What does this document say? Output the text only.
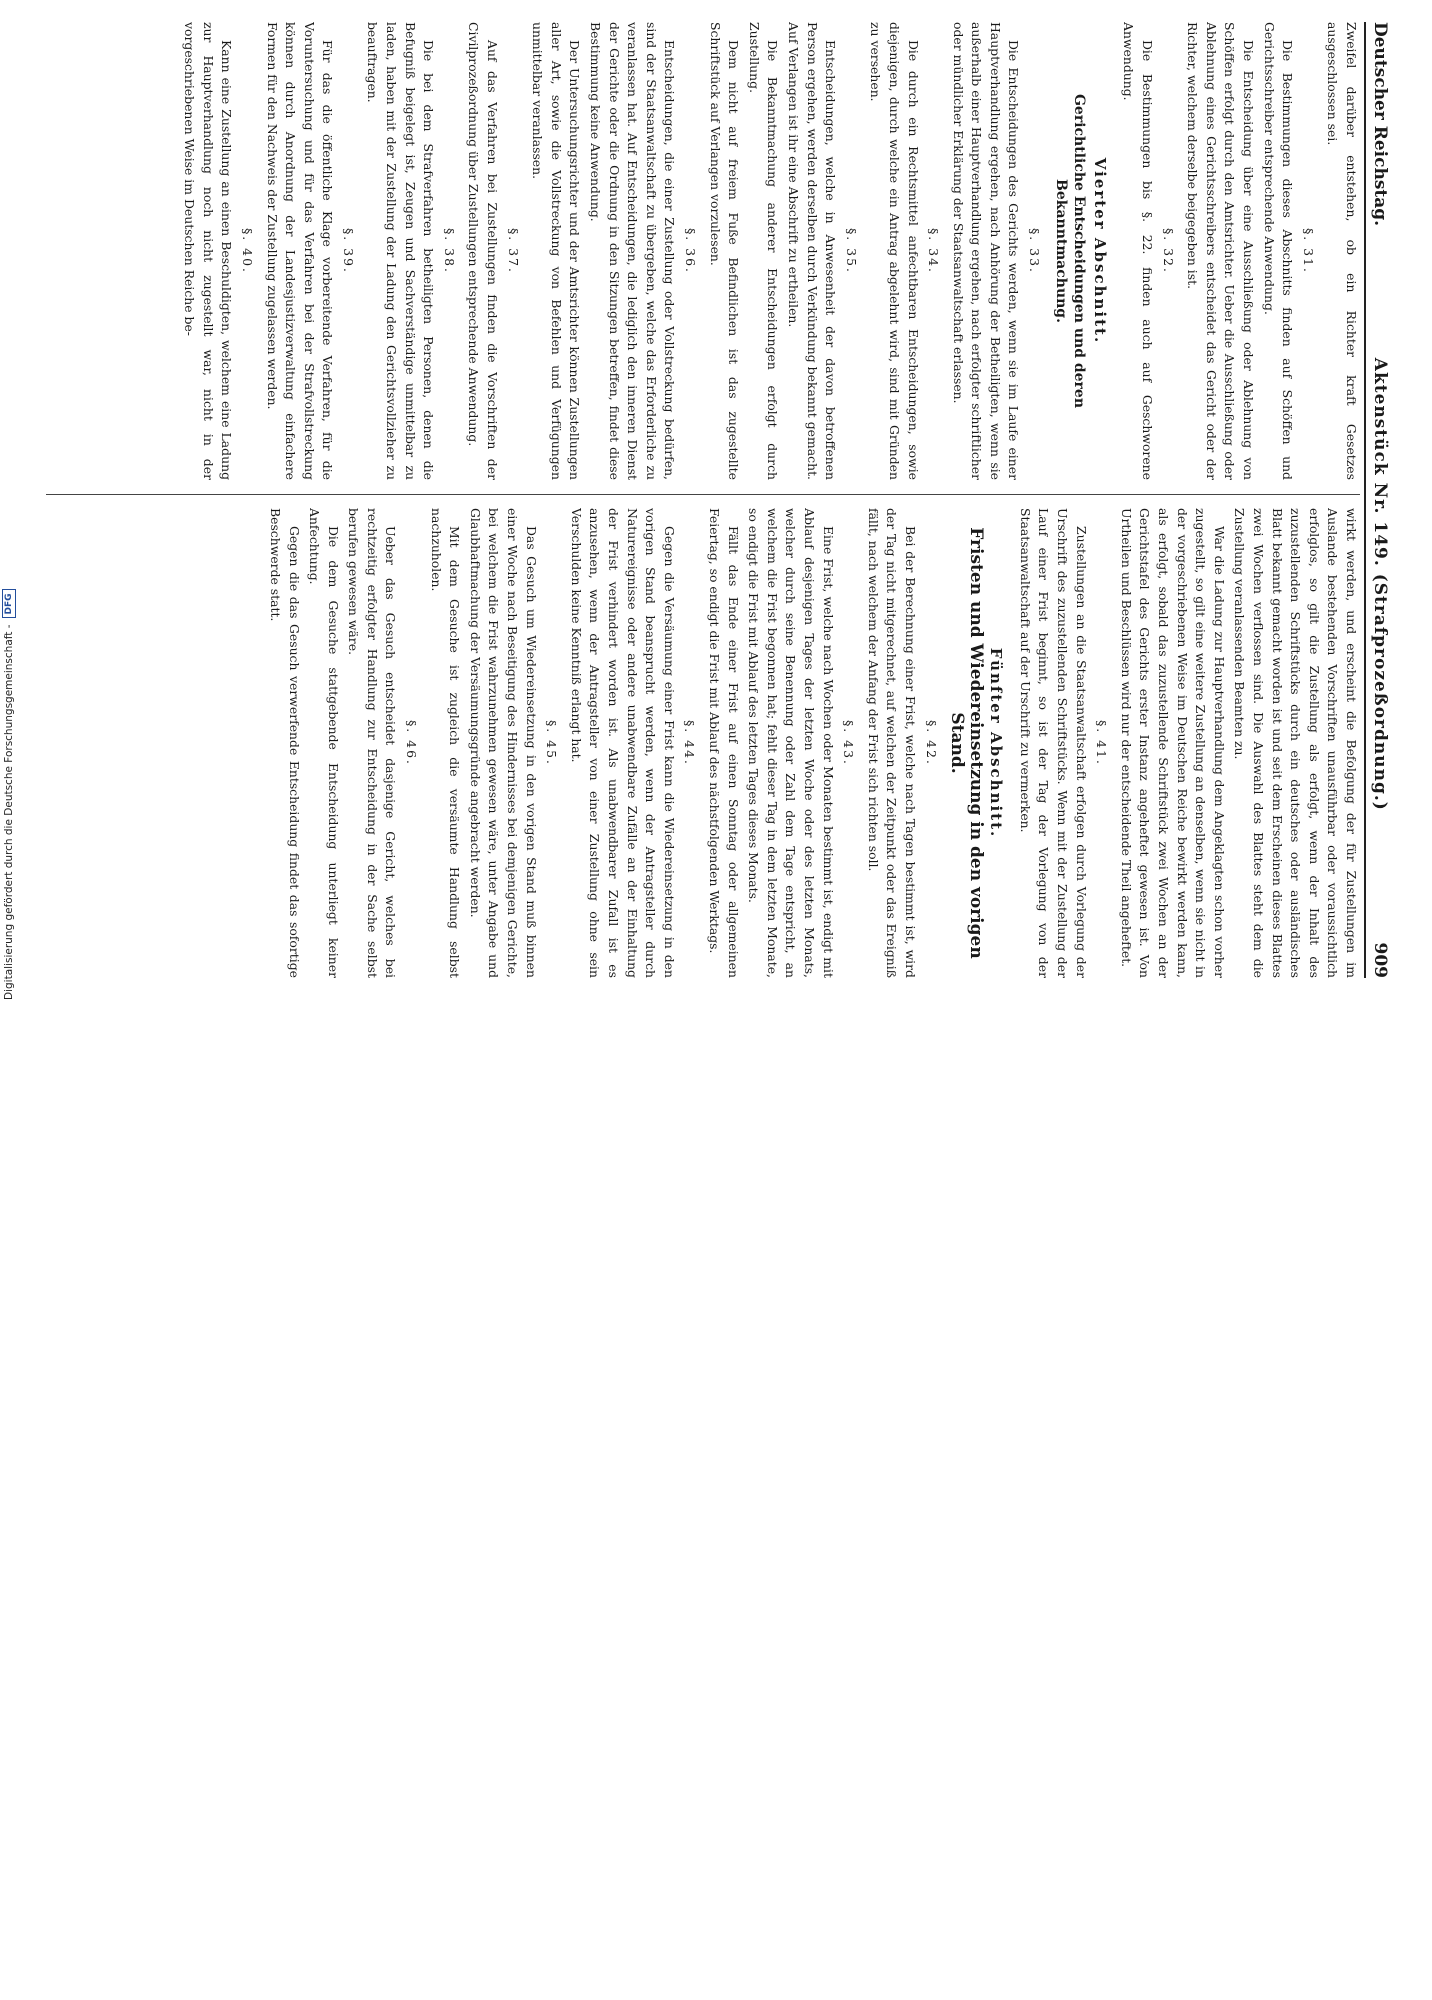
Deutscher Reichstag.
Aktenstück Nr. 149. (Strafprozeßordnung.)
909

Zweifel darüber entstehen, ob ein Richter kraft Gesetzes ausgeschlossen sei.

§. 31.

Die Bestimmungen dieses Abschnitts finden auf Schöffen und Gerichtsschreiber entsprechende Anwendung.

Die Entscheidung über eine Ausschließung oder Ablehnung von Schöffen erfolgt durch den Amtsrichter. Ueber die Ausschließung oder Ablehnung eines Gerichtsschreibers entscheidet das Gericht oder der Richter, welchem derselbe beigegeben ist.

§. 32.

Die Bestimmungen bis §. 22. finden auch auf Geschworene Anwendung.

Vierter Abschnitt.
Gerichtliche Entscheidungen und deren Bekanntmachung.
§. 33.

Die Entscheidungen des Gerichts werden, wenn sie im Laufe einer Hauptverhandlung ergehen, nach Anhörung der Betheiligten, wenn sie außerhalb einer Hauptverhandlung ergehen, nach erfolgter schriftlicher oder mündlicher Erklärung der Staatsanwaltschaft erlassen.

§. 34.

Die durch ein Rechtsmittel anfechtbaren Entscheidungen, sowie diejenigen, durch welche ein Antrag abgelehnt wird, sind mit Gründen zu versehen.

§. 35.

Entscheidungen, welche in Anwesenheit der davon betroffenen Person ergehen, werden derselben durch Verkündung bekannt gemacht. Auf Verlangen ist ihr eine Abschrift zu ertheilen.

Die Bekanntmachung anderer Entscheidungen erfolgt durch Zustellung.

Dem nicht auf freiem Fuße Befindlichen ist das zugestellte Schriftstück auf Verlangen vorzulesen.

§. 36.

Entscheidungen, die einer Zustellung oder Vollstreckung bedürfen, sind der Staatsanwaltschaft zu übergeben, welche das Erforderliche zu veranlassen hat. Auf Entscheidungen, die lediglich den inneren Dienst der Gerichte oder die Ordnung in den Sitzungen betreffen, findet diese Bestimmung keine Anwendung.

Der Untersuchungsrichter und der Amtsrichter können Zustellungen aller Art, sowie die Vollstreckung von Befehlen und Verfügungen unmittelbar veranlassen.

§. 37.

Auf das Verfahren bei Zustellungen finden die Vorschriften der Civilprozeßordnung über Zustellungen entsprechende Anwendung.

§. 38.

Die bei dem Strafverfahren betheiligten Personen, denen die Befugniß beigelegt ist, Zeugen und Sachverständige unmittelbar zu laden, haben mit der Zustellung der Ladung den Gerichtsvollzieher zu beauftragen.

§. 39.

Für das die öffentliche Klage vorbereitende Verfahren, für die Voruntersuchung und für das Verfahren bei der Strafvollstreckung können durch Anordnung der Landesjustizverwaltung einfachere Formen für den Nachweis der Zustellung zugelassen werden.

§. 40.

Kann eine Zustellung an einen Beschuldigten, welchem eine Ladung zur Hauptverhandlung noch nicht zugestellt war, nicht in der vorgeschriebenen Weise im Deutschen Reiche be-

wirkt werden, und erscheint die Befolgung der für Zustellungen im Auslande bestehenden Vorschriften unausführbar oder voraussichtlich erfolglos, so gilt die Zustellung als erfolgt, wenn der Inhalt des zuzustellenden Schriftstücks durch ein deutsches oder ausländisches Blatt bekannt gemacht worden ist und seit dem Erscheinen dieses Blattes zwei Wochen verflossen sind. Die Auswahl des Blattes steht dem die Zustellung veranlassenden Beamten zu.

War die Ladung zur Hauptverhandlung dem Angeklagten schon vorher zugestellt, so gilt eine weitere Zustellung an denselben, wenn sie nicht in der vorgeschriebenen Weise im Deutschen Reiche bewirkt werden kann, als erfolgt, sobald das zuzustellende Schriftstück zwei Wochen an der Gerichtstafel des Gerichts erster Instanz angeheftet gewesen ist. Von Urtheilen und Beschlüssen wird nur der entscheidende Theil angeheftet.

§. 41.

Zustellungen an die Staatsanwaltschaft erfolgen durch Vorlegung der Urschrift des zuzustellenden Schriftstücks. Wenn mit der Zustellung der Lauf einer Frist beginnt, so ist der Tag der Vorlegung von der Staatsanwaltschaft auf der Urschrift zu vermerken.

Fünfter Abschnitt.
Fristen und Wiedereinsetzung in den vorigen Stand.
§. 42.

Bei der Berechnung einer Frist, welche nach Tagen bestimmt ist, wird der Tag nicht mitgerechnet, auf welchen der Zeitpunkt oder das Ereigniß fällt, nach welchem der Anfang der Frist sich richten soll.

§. 43.

Eine Frist, welche nach Wochen oder Monaten bestimmt ist, endigt mit Ablauf desjenigen Tages der letzten Woche oder des letzten Monats, welcher durch seine Benennung oder Zahl dem Tage entspricht, an welchem die Frist begonnen hat; fehlt dieser Tag in dem letzten Monate, so endigt die Frist mit Ablauf des letzten Tages dieses Monats.

Fällt das Ende einer Frist auf einen Sonntag oder allgemeinen Feiertag, so endigt die Frist mit Ablauf des nächstfolgenden Werktags.

§. 44.

Gegen die Versäumung einer Frist kann die Wiedereinsetzung in den vorigen Stand beansprucht werden, wenn der Antragsteller durch Naturereignisse oder andere unabwendbare Zufälle an der Einhaltung der Frist verhindert worden ist. Als unabwendbarer Zufall ist es anzusehen, wenn der Antragsteller von einer Zustellung ohne sein Verschulden keine Kenntniß erlangt hat.

§. 45.

Das Gesuch um Wiedereinsetzung in den vorigen Stand muß binnen einer Woche nach Beseitigung des Hindernisses bei demjenigen Gerichte, bei welchem die Frist wahrzunehmen gewesen wäre, unter Angabe und Glaubhaftmachung der Versäumungsgründe angebracht werden.

Mit dem Gesuche ist zugleich die versäumte Handlung selbst nachzuholen.

§. 46.

Ueber das Gesuch entscheidet dasjenige Gericht, welches bei rechtzeitig erfolgter Handlung zur Entscheidung in der Sache selbst berufen gewesen wäre.

Die dem Gesuche stattgebende Entscheidung unterliegt keiner Anfechtung.

Gegen die das Gesuch verwerfende Entscheidung findet das sofortige Beschwerde statt.

Digitalisierung gefördert durch die Deutsche Forschungsgemeinschaft -
DFG
